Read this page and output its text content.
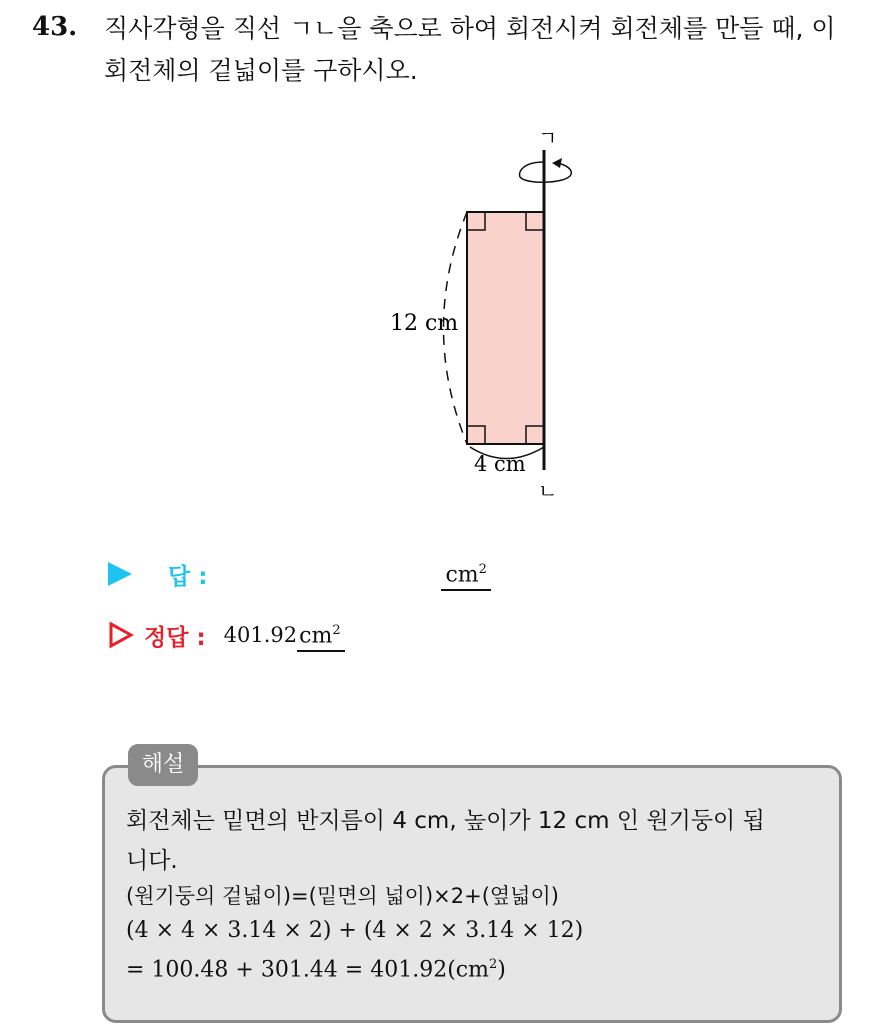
43. 직사각형을 직선 ㄱㄴ을 축으로 하여 회전시켜 회전체를 만들 때, 이
회전체의 겉넓이를 구하시오.
ㄱ
ㄴ
12 cm
4 cm
답 :	$cm^2$
정답 : 401.92 $cm^2$
해설
회전체는 밑면의 반지름이 4 cm, 높이가 12 cm 인 원기둥이 됩
니다.
(원기둥의 겉넓이)=(밑면의 넓이)×2+(옆넓이)
(4 × 4 × 3.14 × 2) + (4 × 2 × 3.14 × 12)
= $100.48 + 301.44 = 401.92(cm^2)$
